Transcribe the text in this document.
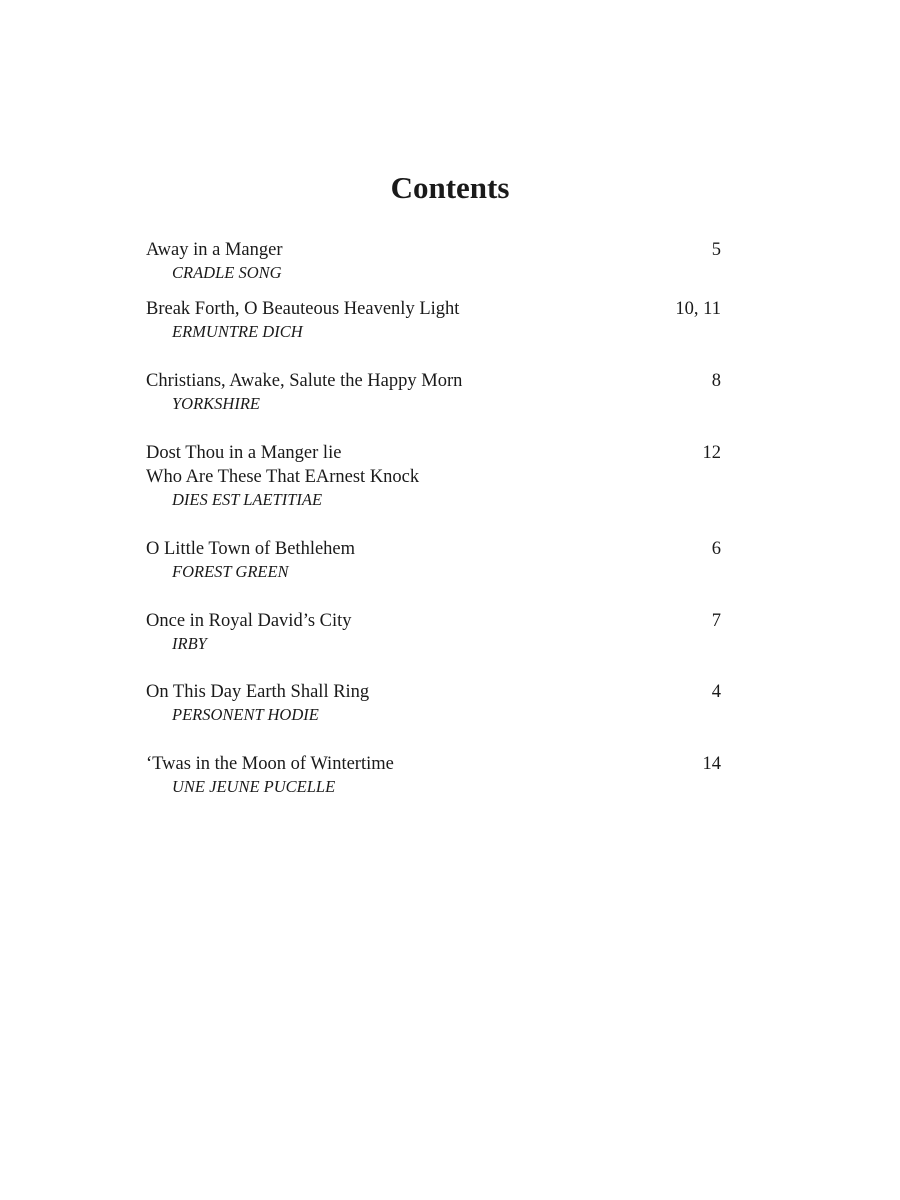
Contents
Away in a Manger	5
CRADLE SONG
Break Forth, O Beauteous Heavenly Light	10, 11
ERMUNTRE DICH
Christians, Awake, Salute the Happy Morn	8
YORKSHIRE
Dost Thou in a Manger lie	12
Who Are These That EArnest Knock
DIES EST LAETITIAE
O Little Town of Bethlehem	6
FOREST GREEN
Once in Royal David’s City	7
IRBY
On This Day Earth Shall Ring	4
PERSONENT HODIE
‘Twas in the Moon of Wintertime	14
UNE JEUNE PUCELLE
